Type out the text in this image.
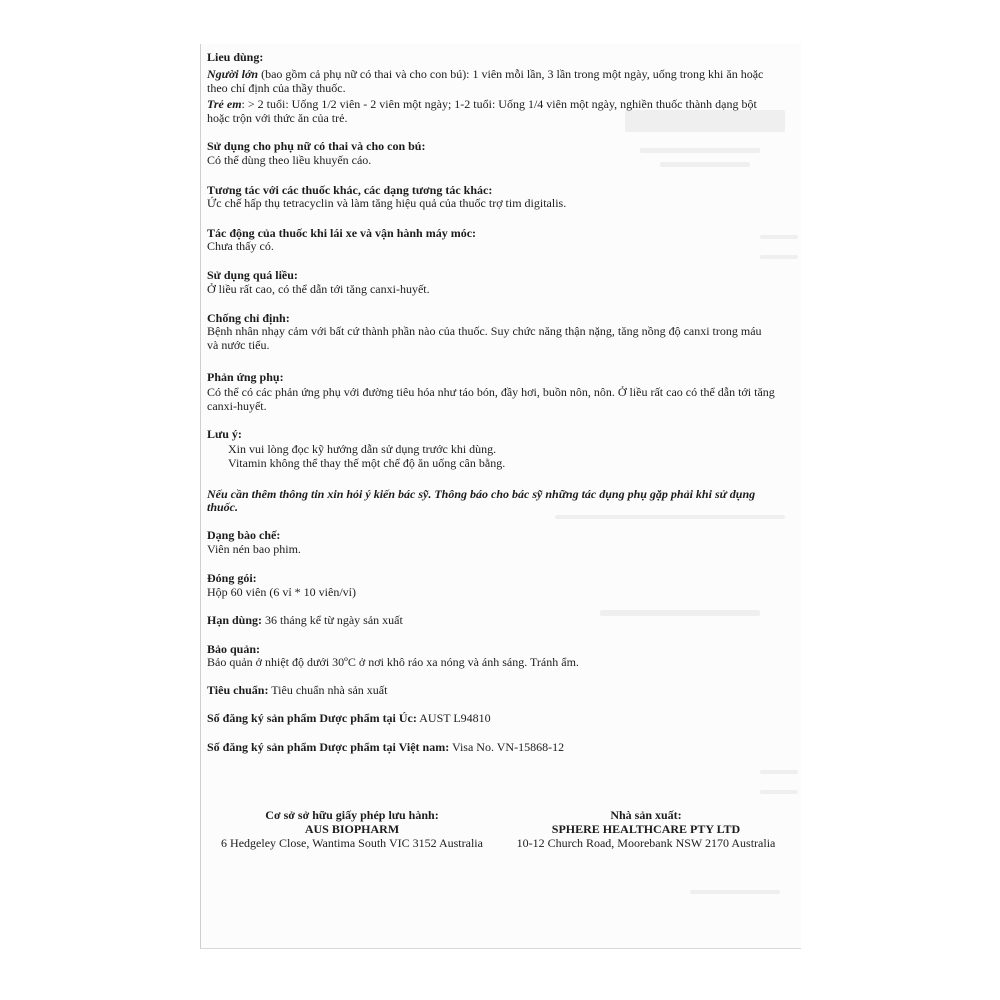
Lieu dùng:
Người lớn (bao gồm cả phụ nữ có thai và cho con bú): 1 viên mỗi lần, 3 lần trong một ngày, uống trong khi ăn hoặc
theo chỉ định của thầy thuốc.
Trẻ em: > 2 tuổi: Uống 1/2 viên - 2 viên một ngày; 1-2 tuổi: Uống 1/4 viên một ngày, nghiền thuốc thành dạng bột
hoặc trộn với thức ăn của trẻ.
Sử dụng cho phụ nữ có thai và cho con bú:
Có thể dùng theo liều khuyến cáo.
Tương tác với các thuốc khác, các dạng tương tác khác:
Ức chế hấp thụ tetracyclin và làm tăng hiệu quả của thuốc trợ tim digitalis.
Tác động của thuốc khi lái xe và vận hành máy móc:
Chưa thấy có.
Sử dụng quá liều:
Ở liều rất cao, có thể dẫn tới tăng canxi-huyết.
Chống chỉ định:
Bệnh nhân nhạy cảm với bất cứ thành phần nào của thuốc. Suy chức năng thận nặng, tăng nồng độ canxi trong máu
và nước tiểu.
Phản ứng phụ:
Có thể có các phản ứng phụ với đường tiêu hóa như táo bón, đầy hơi, buồn nôn, nôn. Ở liều rất cao có thể dẫn tới tăng
canxi-huyết.
Lưu ý:
Xin vui lòng đọc kỹ hướng dẫn sử dụng trước khi dùng.
Vitamin không thể thay thế một chế độ ăn uống cân bằng.
Nếu cần thêm thông tin xin hỏi ý kiến bác sỹ. Thông báo cho bác sỹ những tác dụng phụ gặp phải khi sử dụng
thuốc.
Dạng bào chế:
Viên nén bao phim.
Đóng gói:
Hộp 60 viên (6 vỉ * 10 viên/vỉ)
Hạn dùng: 36 tháng kể từ ngày sản xuất
Bảo quản:
Bảo quản ở nhiệt độ dưới 30ºC ở nơi khô ráo xa nóng và ánh sáng. Tránh ẩm.
Tiêu chuẩn: Tiêu chuẩn nhà sản xuất
Số đăng ký sản phẩm Dược phẩm tại Úc: AUST L94810
Số đăng ký sản phẩm Dược phẩm tại Việt nam: Visa No. VN-15868-12
Cơ sở sở hữu giấy phép lưu hành:
AUS BIOPHARM
6 Hedgeley Close, Wantima South VIC 3152 Australia
Nhà sản xuất:
SPHERE HEALTHCARE PTY LTD
10-12 Church Road, Moorebank NSW 2170 Australia
